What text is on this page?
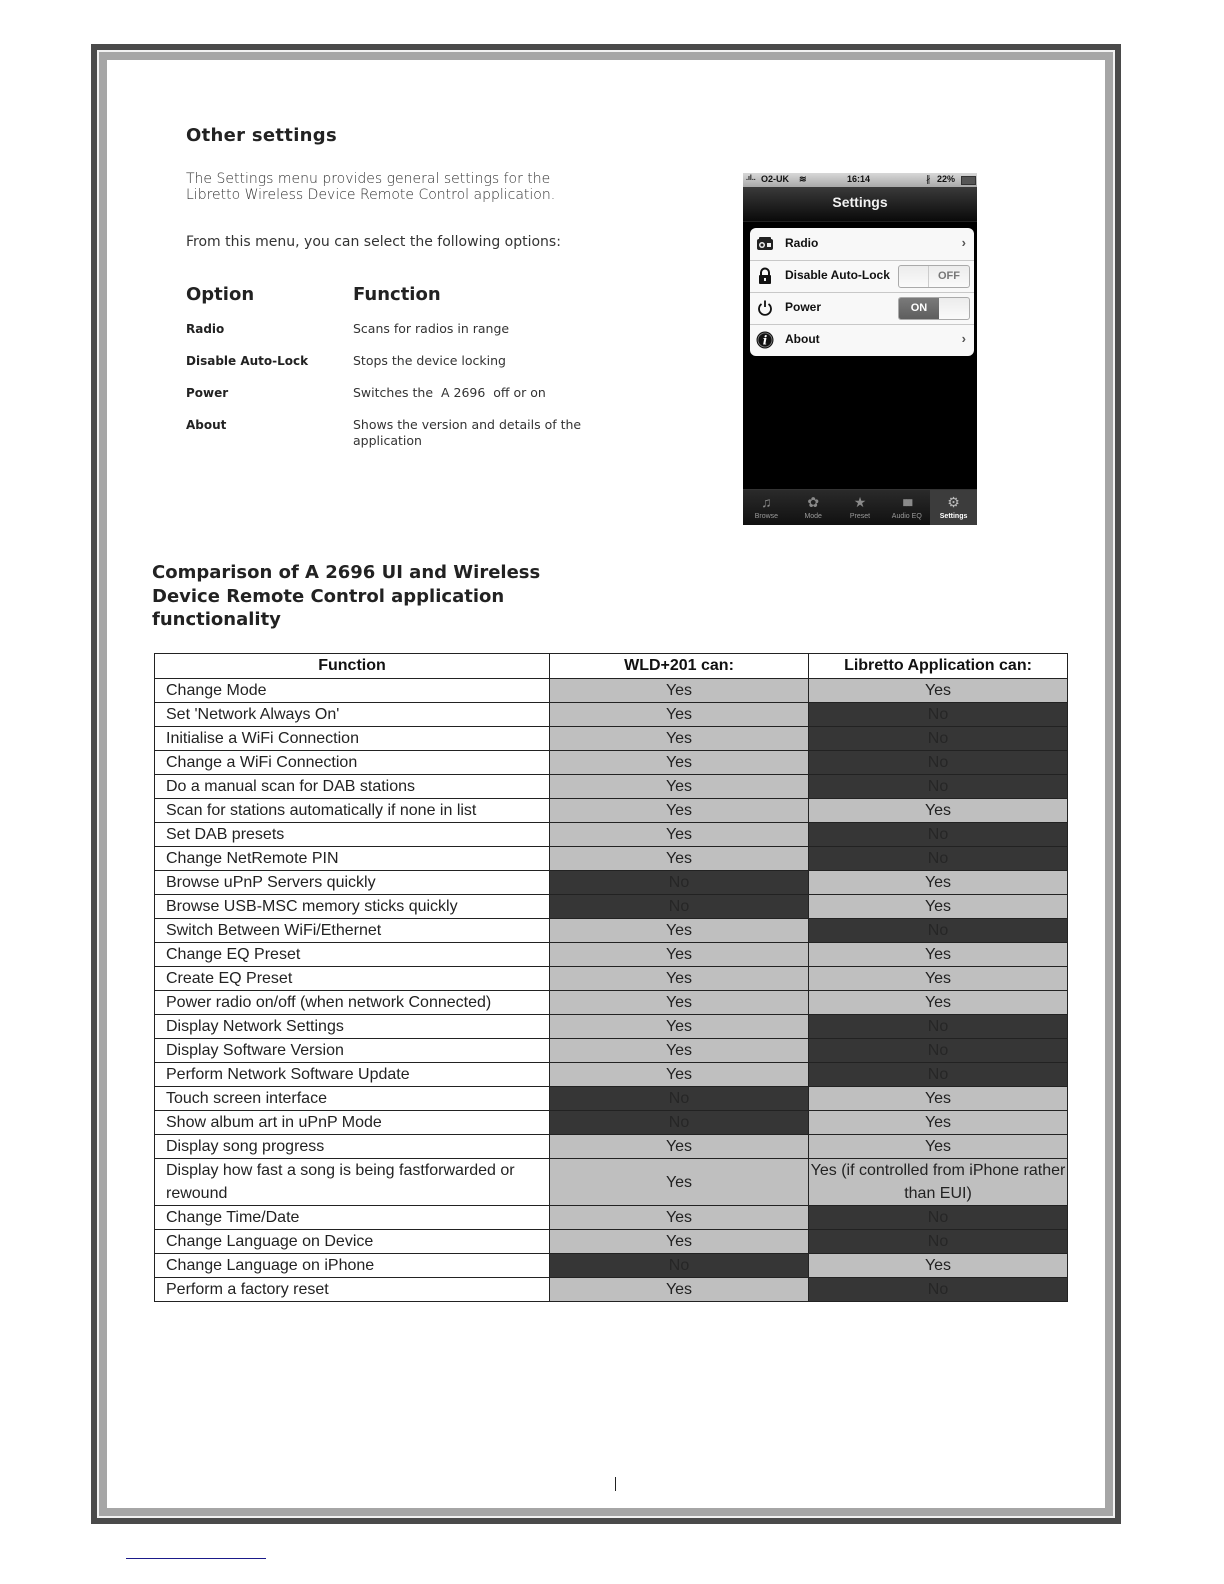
Other settings
The Settings menu provides general settings for the Libretto Wireless Device Remote Control application.
From this menu, you can select the following options:
Option	Function
Radio	Scans for radios in range
Disable Auto-Lock	Stops the device locking
Power	Switches the  A 2696  off or on
About	Shows the version and details of the application
.ıl.. O2-UK ≋	16:14	∦ 22%
Settings
Radio	›
Disable Auto-Lock	OFF
Power	ON
i About	›
♫
Browse
✿
Mode
★
Preset
▮▮▮
Audio EQ
⚙
Settings
Comparison of A 2696 UI and Wireless Device Remote Control application functionality
Function	WLD+201 can:	Libretto Application can:
Change Mode	Yes	Yes
Set 'Network Always On'	Yes	No
Initialise a WiFi Connection	Yes	No
Change a WiFi Connection	Yes	No
Do a manual scan for DAB stations	Yes	No
Scan for stations automatically if none in list	Yes	Yes
Set DAB presets	Yes	No
Change NetRemote PIN	Yes	No
Browse uPnP Servers quickly	No	Yes
Browse USB-MSC memory sticks quickly	No	Yes
Switch Between WiFi/Ethernet	Yes	No
Change EQ Preset	Yes	Yes
Create EQ Preset	Yes	Yes
Power radio on/off (when network Connected)	Yes	Yes
Display Network Settings	Yes	No
Display Software Version	Yes	No
Perform Network Software Update	Yes	No
Touch screen interface	No	Yes
Show album art in uPnP Mode	No	Yes
Display song progress	Yes	Yes
Display how fast a song is being fastforwarded or rewound	Yes	Yes (if controlled from iPhone rather than EUI)
Change Time/Date	Yes	No
Change Language on Device	Yes	No
Change Language on iPhone	No	Yes
Perform a factory reset	Yes	No
